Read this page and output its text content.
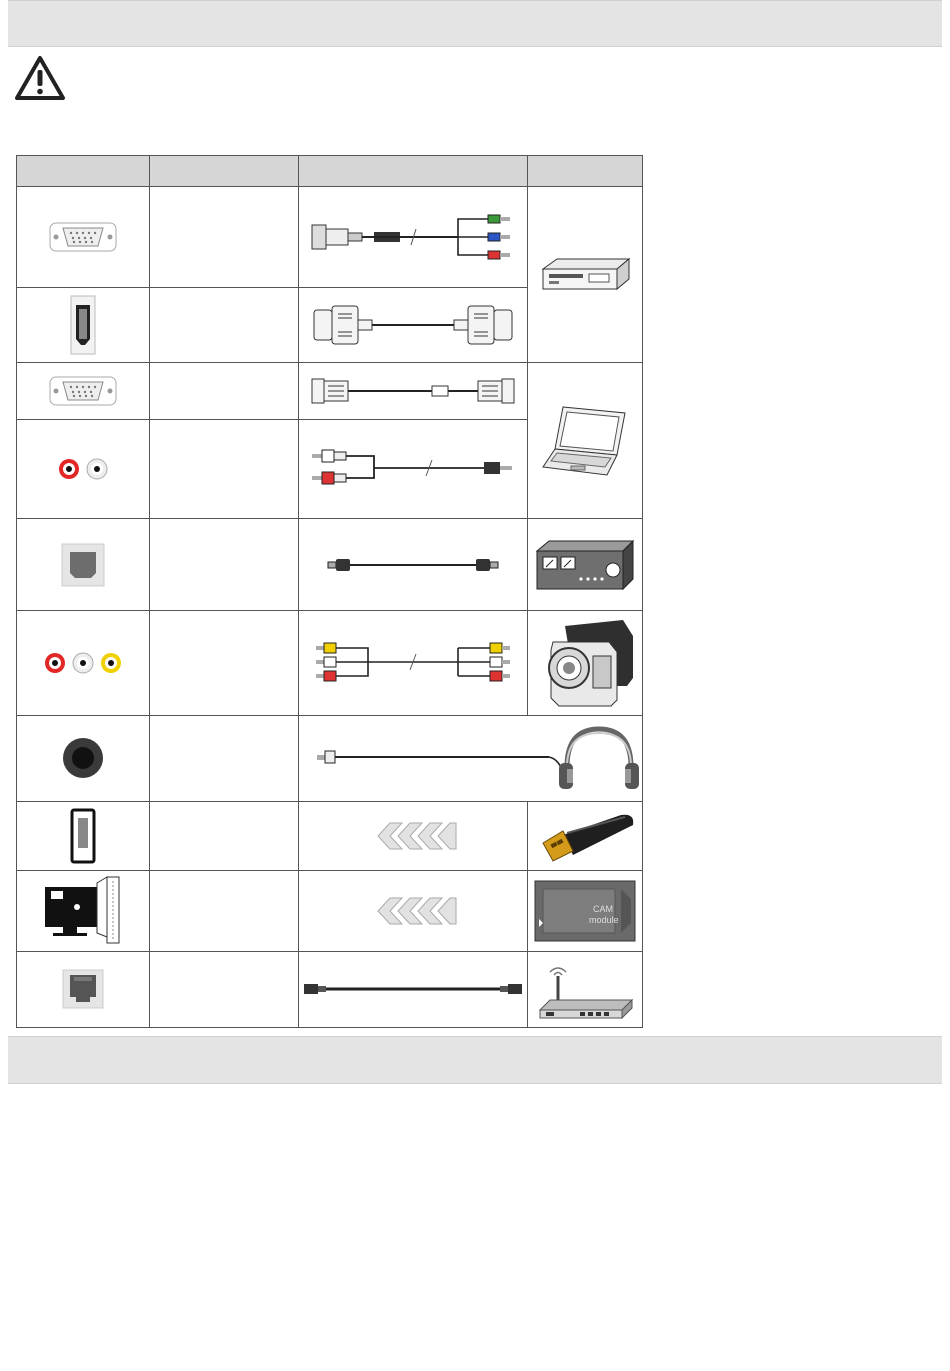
CAM
module
